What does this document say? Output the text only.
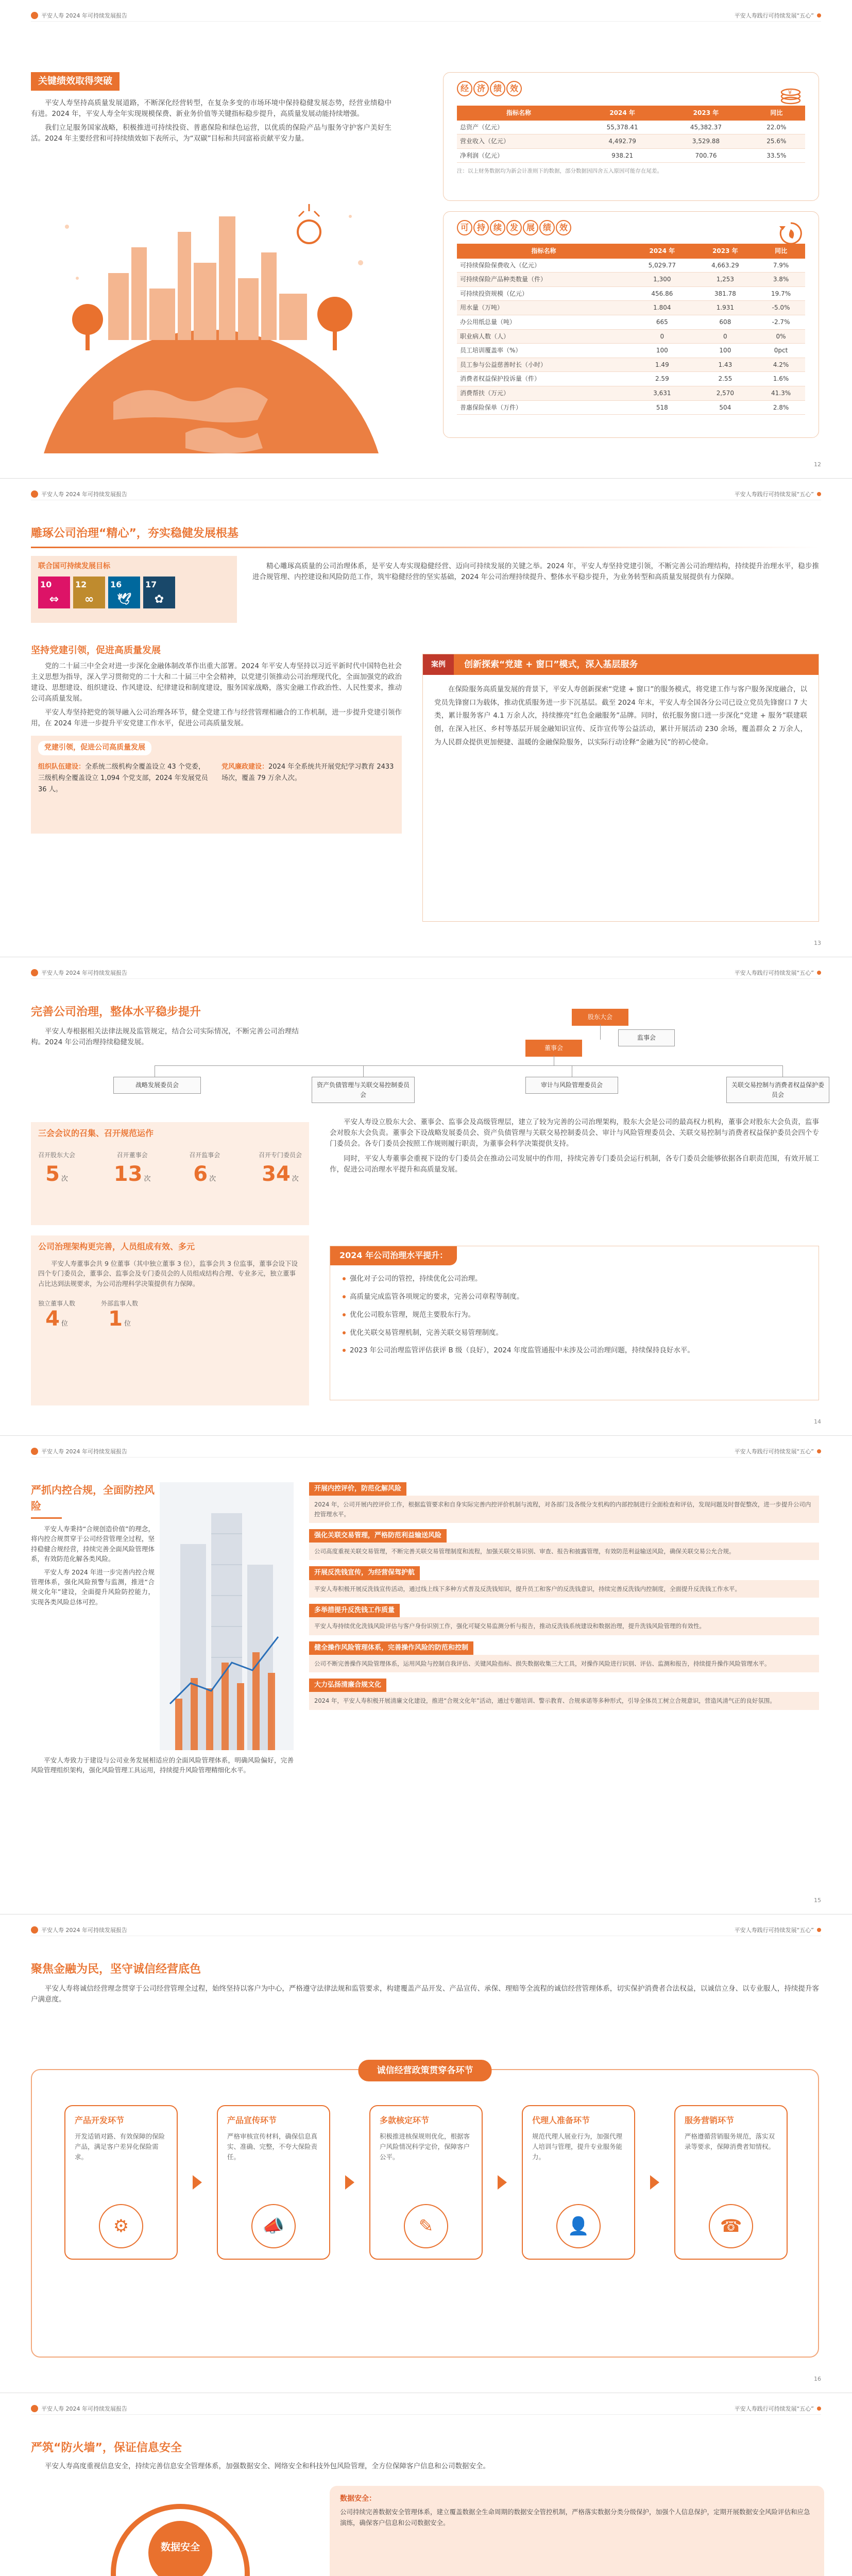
平安人寿 2024 年可持续发展报告	平安人寿践行可持续发展“五心”
关键绩效取得突破

平安人寿坚持高质量发展道路，不断深化经营转型，在复杂多变的市场环境中保持稳健发展态势，经营业绩稳中有进。2024 年，平安人寿全年实现规模保费、新业务价值等关键指标稳步提升，高质量发展动能持续增强。

我们立足服务国家战略，积极推进可持续投资、普惠保险和绿色运营，以优质的保险产品与服务守护客户美好生活。2024 年主要经营和可持续绩效如下表所示，为“双碳”目标和共同富裕贡献平安力量。

经 济 绩 效	¥
指标名称	2024 年	2023 年	同比
总资产（亿元）	55,378.41	45,382.37	22.0%
营业收入（亿元）	4,492.79	3,529.88	25.6%
净利润（亿元）	938.21	700.76	33.5%
注：以上财务数据均为新会计准则下的数据，部分数据因四舍五入原因可能存在尾差。
可 持 续 发 展 绩 效
指标名称	2024 年	2023 年	同比
可持续保险保费收入（亿元）	5,029.77	4,663.29	7.9%
可持续保险产品种类数量（件）	1,300	1,253	3.8%
可持续投资规模（亿元）	456.86	381.78	19.7%
用水量（万吨）	1.804	1.931	-5.0%
办公用纸总量（吨）	665	608	-2.7%
职业病人数（人）	0	0	0%
员工培训覆盖率（%）	100	100	0pct
员工参与公益慈善时长（小时）	1.49	1.43	4.2%
消费者权益保护投诉量（件）	2.59	2.55	1.6%
消费帮扶（万元）	3,631	2,570	41.3%
普惠保险保单（万件）	518	504	2.8%
12
平安人寿 2024 年可持续发展报告	平安人寿践行可持续发展“五心”
雕琢公司治理“精心”，夯实稳健发展根基
联合国可持续发展目标
10
⇔
12
∞
16
🕊
17
✿

精心雕琢高质量的公司治理体系，是平安人寿实现稳健经营、迈向可持续发展的关键之举。2024 年，平安人寿坚持党建引领，不断完善公司治理结构，持续提升治理水平，稳步推进合规管理、内控建设和风险防范工作，筑牢稳健经营的坚实基础，2024 年公司治理持续提升、整体水平稳步提升，为业务转型和高质量发展提供有力保障。

坚持党建引领，促进高质量发展

党的二十届三中全会对进一步深化金融体制改革作出重大部署。2024 年平安人寿坚持以习近平新时代中国特色社会主义思想为指导，深入学习贯彻党的二十大和二十届三中全会精神，以党建引领推动公司治理现代化，全面加强党的政治建设、思想建设、组织建设、作风建设、纪律建设和制度建设，服务国家战略，落实金融工作政治性、人民性要求，推动公司高质量发展。

平安人寿坚持把党的领导融入公司治理各环节，健全党建工作与经营管理相融合的工作机制，进一步提升党建引领作用，在 2024 年进一步提升平安党建工作水平，促进公司高质量发展。

党建引领，促进公司高质量发展
组织队伍建设：全系统二级机构全覆盖设立 43 个党委，三级机构全覆盖设立 1,094 个党支部，2024 年发展党员 36 人。
党风廉政建设：2024 年全系统共开展党纪学习教育 2433 场次，覆盖 79 万余人次。
案例	创新探索“党建 + 窗口”模式，深入基层服务

在保险服务高质量发展的背景下，平安人寿创新探索“党建 + 窗口”的服务模式，将党建工作与客户服务深度融合，以党员先锋窗口为载体，推动优质服务进一步下沉基层。截至 2024 年末，平安人寿全国各分公司已设立党员先锋窗口 7 大类，累计服务客户 4.1 万余人次，持续擦亮“红色金融服务”品牌。同时，依托服务窗口进一步深化“党建 + 服务”联建联创，在深入社区、乡村等基层开展金融知识宣传、反诈宣传等公益活动，累计开展活动 230 余场，覆盖群众 2 万余人，为人民群众提供更加便捷、温暖的金融保险服务，以实际行动诠释“金融为民”的初心使命。

13
平安人寿 2024 年可持续发展报告	平安人寿践行可持续发展“五心”
完善公司治理，整体水平稳步提升

平安人寿根据相关法律法规及监管规定，结合公司实际情况，不断完善公司治理结构。2024 年公司治理持续稳健发展。

股东大会
董事会
监事会
战略发展委员会	资产负债管理与关联交易控制委员会
审计与风险管理委员会	关联交易控制与消费者权益保护委员会
三会会议的召集、召开规范运作
召开股东大会
5 次
召开董事会
13 次
召开监事会
6 次
召开专门委员会
34 次
公司治理架构更完善，人员组成有效、多元

平安人寿董事会共 9 位董事（其中独立董事 3 位），监事会共 3 位监事，董事会设下设四个专门委员会，董事会、监事会及专门委员会的人员组成结构合理、专业多元，独立董事占比达到法规要求，为公司治理科学决策提供有力保障。

独立董事人数
4 位
外部监事人数
1 位

平安人寿设立股东大会、董事会、监事会及高级管理层，建立了较为完善的公司治理架构，股东大会是公司的最高权力机构，董事会对股东大会负责，监事会对股东大会负责。董事会下设战略发展委员会、资产负债管理与关联交易控制委员会、审计与风险管理委员会、关联交易控制与消费者权益保护委员会四个专门委员会。各专门委员会按照工作规则履行职责，为董事会科学决策提供支持。

同时，平安人寿董事会重视下设的专门委员会在推动公司发展中的作用，持续完善专门委员会运行机制，各专门委员会能够依据各自职责范围，有效开展工作，促进公司治理水平提升和高质量发展。

2024 年公司治理水平提升：
强化对子公司的管控，持续优化公司治理。
高质量完成监管各项规定的要求，完善公司章程等制度。
优化公司股东管理，规范主要股东行为。
优化关联交易管理机制，完善关联交易管理制度。
2023 年公司治理监管评估获评 B 级（良好），2024 年度监管通报中未涉及公司治理问题，持续保持良好水平。
14
平安人寿 2024 年可持续发展报告	平安人寿践行可持续发展“五心”
严抓内控合规，全面防控风险

平安人寿秉持“合规创造价值”的理念，将内控合规贯穿于公司经营管理全过程，坚持稳健合规经营，持续完善全面风险管理体系，有效防范化解各类风险。

平安人寿 2024 年进一步完善内控合规管理体系，强化风险预警与监测，推进“合规文化年”建设，全面提升风险防控能力，实现各类风险总体可控。

平安人寿致力于建设与公司业务发展相适应的全面风险管理体系，明确风险偏好，完善风险管理组织架构，强化风险管理工具运用，持续提升风险管理精细化水平。

开展内控评价，防范化解风险
2024 年，公司开展内控评价工作，根据监管要求和自身实际完善内控评价机制与流程，对各部门及各级分支机构的内部控制进行全面检查和评估，发现问题及时督促整改，进一步提升公司内控管理水平。
强化关联交易管理，严格防范利益输送风险
公司高度重视关联交易管理，不断完善关联交易管理制度和流程，加强关联交易识别、审查、报告和披露管理，有效防范利益输送风险，确保关联交易公允合规。
开展反洗钱宣传，为经营保驾护航
平安人寿积极开展反洗钱宣传活动，通过线上线下多种方式普及反洗钱知识，提升员工和客户的反洗钱意识，持续完善反洗钱内控制度，全面提升反洗钱工作水平。
多举措提升反洗钱工作质量
平安人寿持续优化洗钱风险评估与客户身份识别工作，强化可疑交易监测分析与报告，推动反洗钱系统建设和数据治理，提升洗钱风险管理的有效性。
健全操作风险管理体系，完善操作风险的防范和控制
公司不断完善操作风险管理体系，运用风险与控制自我评估、关键风险指标、损失数据收集三大工具，对操作风险进行识别、评估、监测和报告，持续提升操作风险管理水平。
大力弘扬清廉合规文化
2024 年，平安人寿积极开展清廉文化建设，推进“合规文化年”活动，通过专题培训、警示教育、合规承诺等多种形式，引导全体员工树立合规意识，营造风清气正的良好氛围。
15
平安人寿 2024 年可持续发展报告	平安人寿践行可持续发展“五心”
聚焦金融为民，坚守诚信经营底色

平安人寿将诚信经营理念贯穿于公司经营管理全过程，始终坚持以客户为中心，严格遵守法律法规和监管要求，构建覆盖产品开发、产品宣传、承保、理赔等全流程的诚信经营管理体系，切实保护消费者合法权益，以诚信立身、以专业服人，持续提升客户满意度。

诚信经营政策贯穿各环节
产品开发环节

开发适销对路、有效保障的保险产品，满足客户差异化保险需求。

⚙
产品宣传环节

严格审核宣传材料，确保信息真实、准确、完整，不夸大保险责任。

📣
多款核定环节

积极推进核保规则优化，根据客户风险情况科学定价，保障客户公平。

✎
代理人准备环节

规范代理人展业行为，加强代理人培训与管理，提升专业服务能力。

👤
服务营销环节

严格遵循营销服务规范，落实双录等要求，保障消费者知情权。

☎
16
平安人寿 2024 年可持续发展报告	平安人寿践行可持续发展“五心”
严筑“防火墙”，保证信息安全

平安人寿高度重视信息安全，持续完善信息安全管理体系，加强数据安全、网络安全和科技外包风险管理，全方位保障客户信息和公司数据安全。

数据安全
数据安全：
公司持续完善数据安全管理体系，建立覆盖数据全生命周期的数据安全管控机制，严格落实数据分类分级保护，加强个人信息保护，定期开展数据安全风险评估和应急演练，确保客户信息和公司数据安全。
